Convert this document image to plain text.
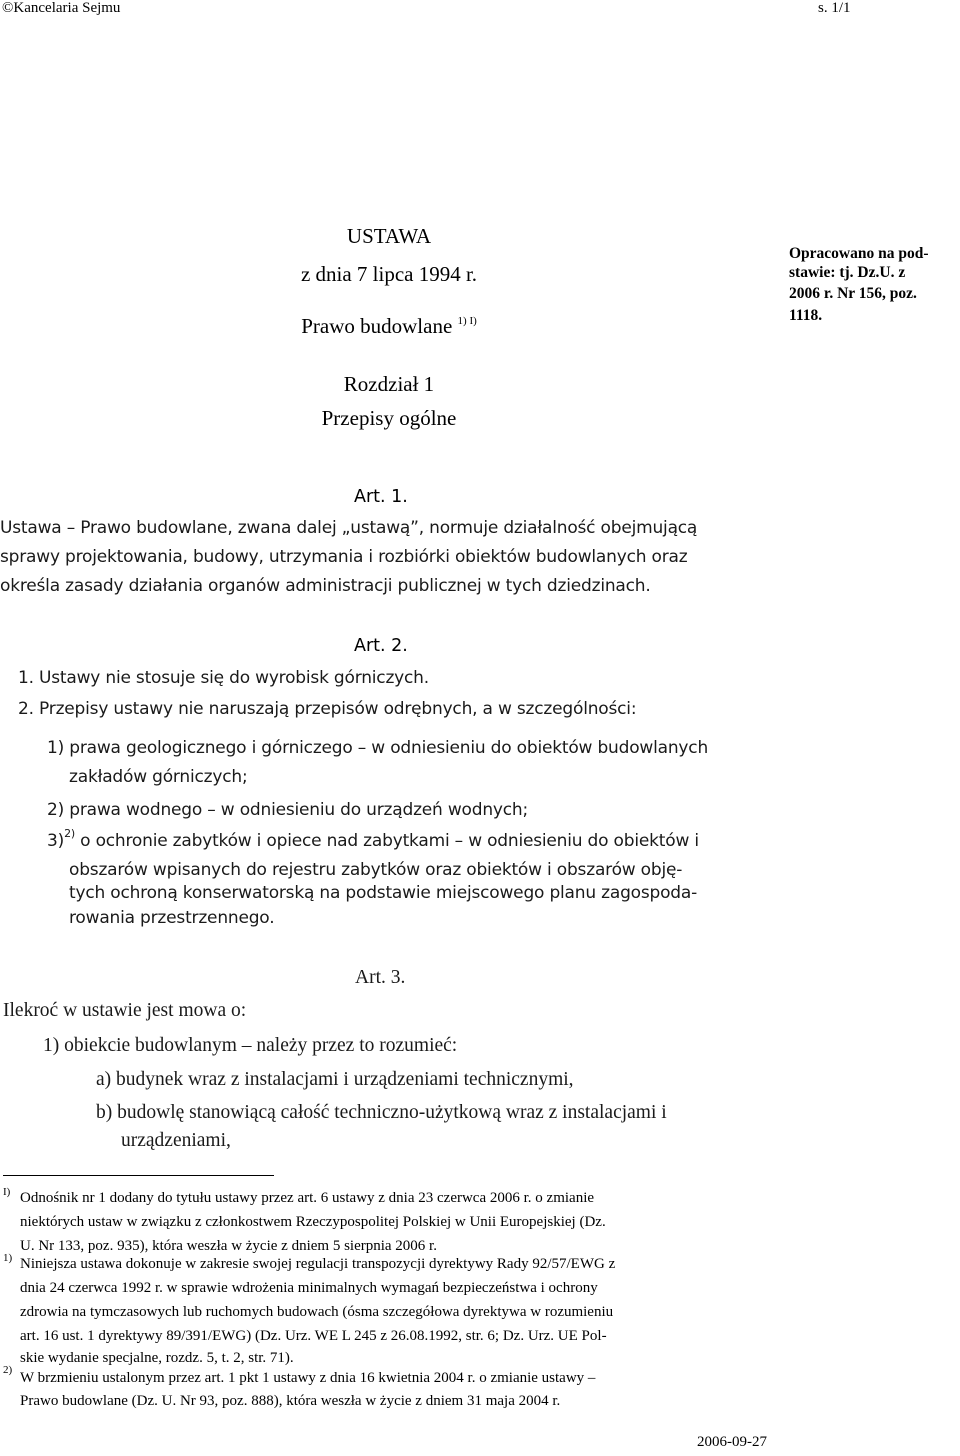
©Kancelaria Sejmu	s. 1/1
USTAWA
z dnia 7 lipca 1994 r.
Prawo budowlane $^{1) I)}$
Opracowano na pod-
stawie: tj. Dz.U. z
2006 r. Nr 156, poz.
1118.
Rozdział 1
Przepisy ogólne
Art. 1.
Ustawa – Prawo budowlane, zwana dalej „ustawą”, normuje działalność obejmującą
sprawy projektowania, budowy, utrzymania i rozbiórki obiektów budowlanych oraz
określa zasady działania organów administracji publicznej w tych dziedzinach.
Art. 2.
1. Ustawy nie stosuje się do wyrobisk górniczych.
2. Przepisy ustawy nie naruszają przepisów odrębnych, a w szczególności:
1) prawa geologicznego i górniczego – w odniesieniu do obiektów budowlanych
zakładów górniczych;
2) prawa wodnego – w odniesieniu do urządzeń wodnych;
3)$^{2)}$ o ochronie zabytków i opiece nad zabytkami – w odniesieniu do obiektów i
obszarów wpisanych do rejestru zabytków oraz obiektów i obszarów obję-
tych ochroną konserwatorską na podstawie miejscowego planu zagospoda-
rowania przestrzennego.
Art. 3.
Ilekroć w ustawie jest mowa o:
1) obiekcie budowlanym – należy przez to rozumieć:
a) budynek wraz z instalacjami i urządzeniami technicznymi,
b) budowlę stanowiącą całość techniczno-użytkową wraz z instalacjami i
urządzeniami,
I) Odnośnik nr 1 dodany do tytułu ustawy przez art. 6 ustawy z dnia 23 czerwca 2006 r. o zmianie
niektórych ustaw w związku z członkostwem Rzeczypospolitej Polskiej w Unii Europejskiej (Dz.
U. Nr 133, poz. 935), która weszła w życie z dniem 5 sierpnia 2006 r.
1) Niniejsza ustawa dokonuje w zakresie swojej regulacji transpozycji dyrektywy Rady 92/57/EWG z
dnia 24 czerwca 1992 r. w sprawie wdrożenia minimalnych wymagań bezpieczeństwa i ochrony
zdrowia na tymczasowych lub ruchomych budowach (ósma szczegółowa dyrektywa w rozumieniu
art. 16 ust. 1 dyrektywy 89/391/EWG) (Dz. Urz. WE L 245 z 26.08.1992, str. 6; Dz. Urz. UE Pol-
skie wydanie specjalne, rozdz. 5, t. 2, str. 71).
2) W brzmieniu ustalonym przez art. 1 pkt 1 ustawy z dnia 16 kwietnia 2004 r. o zmianie ustawy –
Prawo budowlane (Dz. U. Nr 93, poz. 888), która weszła w życie z dniem 31 maja 2004 r.
2006-09-27
